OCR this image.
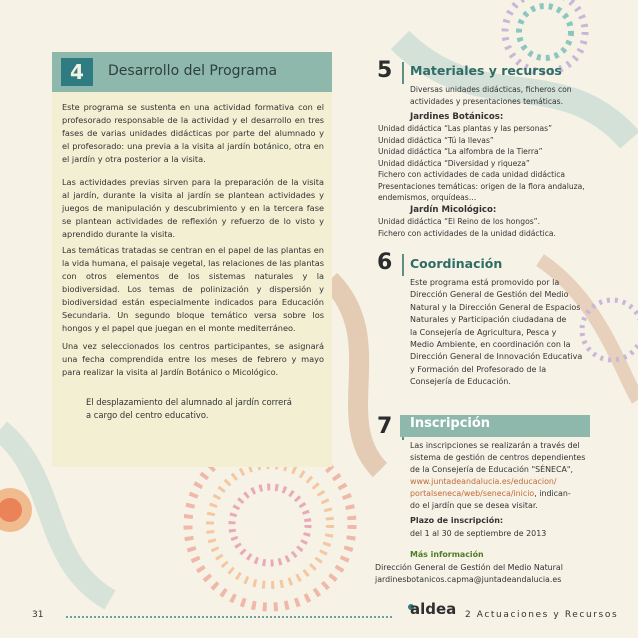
4	Desarrollo del Programa

Este programa se sustenta en una actividad formativa con el profesorado responsable de la actividad y el desarrollo en tres fases de varias unidades didácticas por parte del alumnado y el profesorado: una previa a la visita al jardín botánico, otra en el jardín y otra posterior a la visita.

Las actividades previas sirven para la preparación de la visita al jardín, durante la visita al jardín se plantean actividades y juegos de manipulación y descubrimiento y en la tercera fase se plantean actividades de reflexión y refuerzo de lo visto y aprendido durante la visita.

Las temáticas tratadas se centran en el papel de las plantas en la vida humana, el paisaje vegetal, las relaciones de las plantas con otros elementos de los sistemas naturales y la biodiversidad. Los temas de polinización y dispersión y biodiversidad están especialmente indicados para Educación Secundaria. Un segundo bloque temático versa sobre los hongos y el papel que juegan en el monte mediterráneo.

Una vez seleccionados los centros participantes, se asignará una fecha comprendida entre los meses de febrero y mayo para realizar la visita al Jardín Botánico o Micológico.

El desplazamiento del alumnado al jardín correrá a cargo del centro educativo.

5 Materiales y recursos

Diversas unidades didácticas, ficheros con actividades y presentaciones temáticas.

Jardines Botánicos:
Unidad didáctica “Las plantas y las personas”
Unidad didáctica “Tú la llevas”
Unidad didáctica “La alfombra de la Tierra”
Unidad didáctica “Diversidad y riqueza”
Fichero con actividades de cada unidad didáctica
Presentaciones temáticas: origen de la flora andaluza,
endemismos, orquídeas…
Jardín Micológico:
Unidad didáctica “El Reino de los hongos”.
Fichero con actividades de la unidad didáctica.
6 Coordinación
Este programa está promovido por la
Dirección General de Gestión del Medio
Natural y la Dirección General de Espacios
Naturales y Participación ciudadana de
la Consejería de Agricultura, Pesca y
Medio Ambiente, en coordinación con la
Dirección General de Innovación Educativa
y Formación del Profesorado de la
Consejería de Educación.
7 Inscripción
Las inscripciones se realizarán a través del
sistema de gestión de centros dependientes
de la Consejería de Educación "SÉNECA",
www.juntadeandalucia.es/educacion/
portalseneca/web/seneca/inicio, indican-
do el jardín que se desea visitar.
Plazo de inscripción:
del 1 al 30 de septiembre de 2013
Más información
Dirección General de Gestión del Medio Natural
jardinesbotanicos.capma@juntadeandalucia.es
31	aldea 2 Actuaciones y Recursos
